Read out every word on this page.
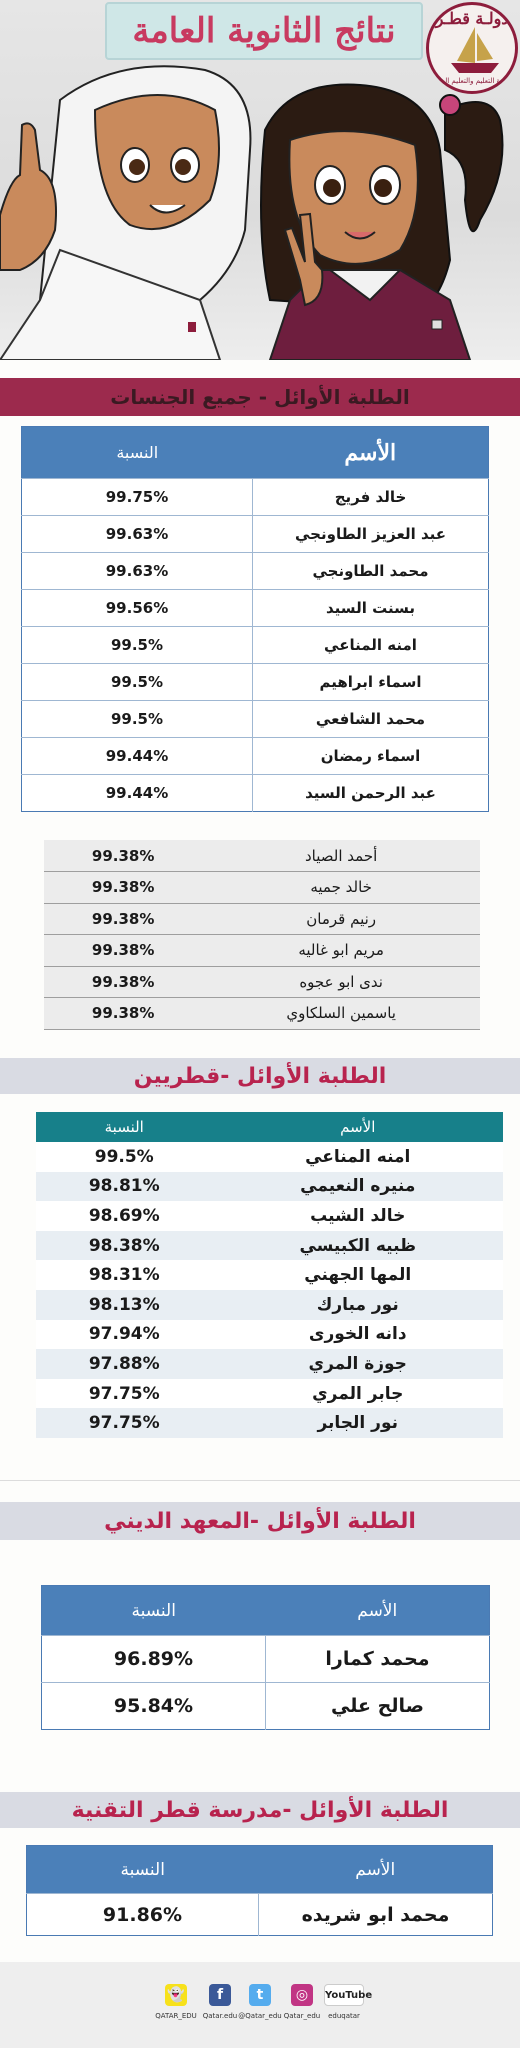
نتائج الثانوية العامة	دولـة قطـر
وزارة التعليم والتعليم العالي
الطلبة الأوائل - جميع الجنسات
الأسم	النسبة
خالد فريج	99.75%
عبد العزيز الطاونجي	99.63%
محمد الطاونجي	99.63%
بسنت السيد	99.56%
امنه المناعي	99.5%
اسماء ابراهيم	99.5%
محمد الشافعي	99.5%
اسماء رمضان	99.44%
عبد الرحمن السيد	99.44%
أحمد الصياد	99.38%
خالد جميه	99.38%
رنيم قرمان	99.38%
مريم ابو غاليه	99.38%
ندى ابو عجوه	99.38%
ياسمين السلكاوي	99.38%
الطلبة الأوائل -قطريين
الأسم	النسبة
امنه المناعي	99.5%
منيره النعيمي	98.81%
خالد الشيب	98.69%
ظبيه الكبيسي	98.38%
المها الجهني	98.31%
نور مبارك	98.13%
دانه الخورى	97.94%
جوزة المري	97.88%
جابر المري	97.75%
نور الجابر	97.75%
الطلبة الأوائل -المعهد الديني
الأسم	النسبة
محمد كمارا	96.89%
صالح علي	95.84%
الطلبة الأوائل -مدرسة قطر التقنية
الأسم	النسبة
محمد ابو شريده	91.86%
👻
QATAR_EDU
f
Qatar.edu
t
@Qatar_edu
◎
Qatar_edu
YouTube
eduqatar
